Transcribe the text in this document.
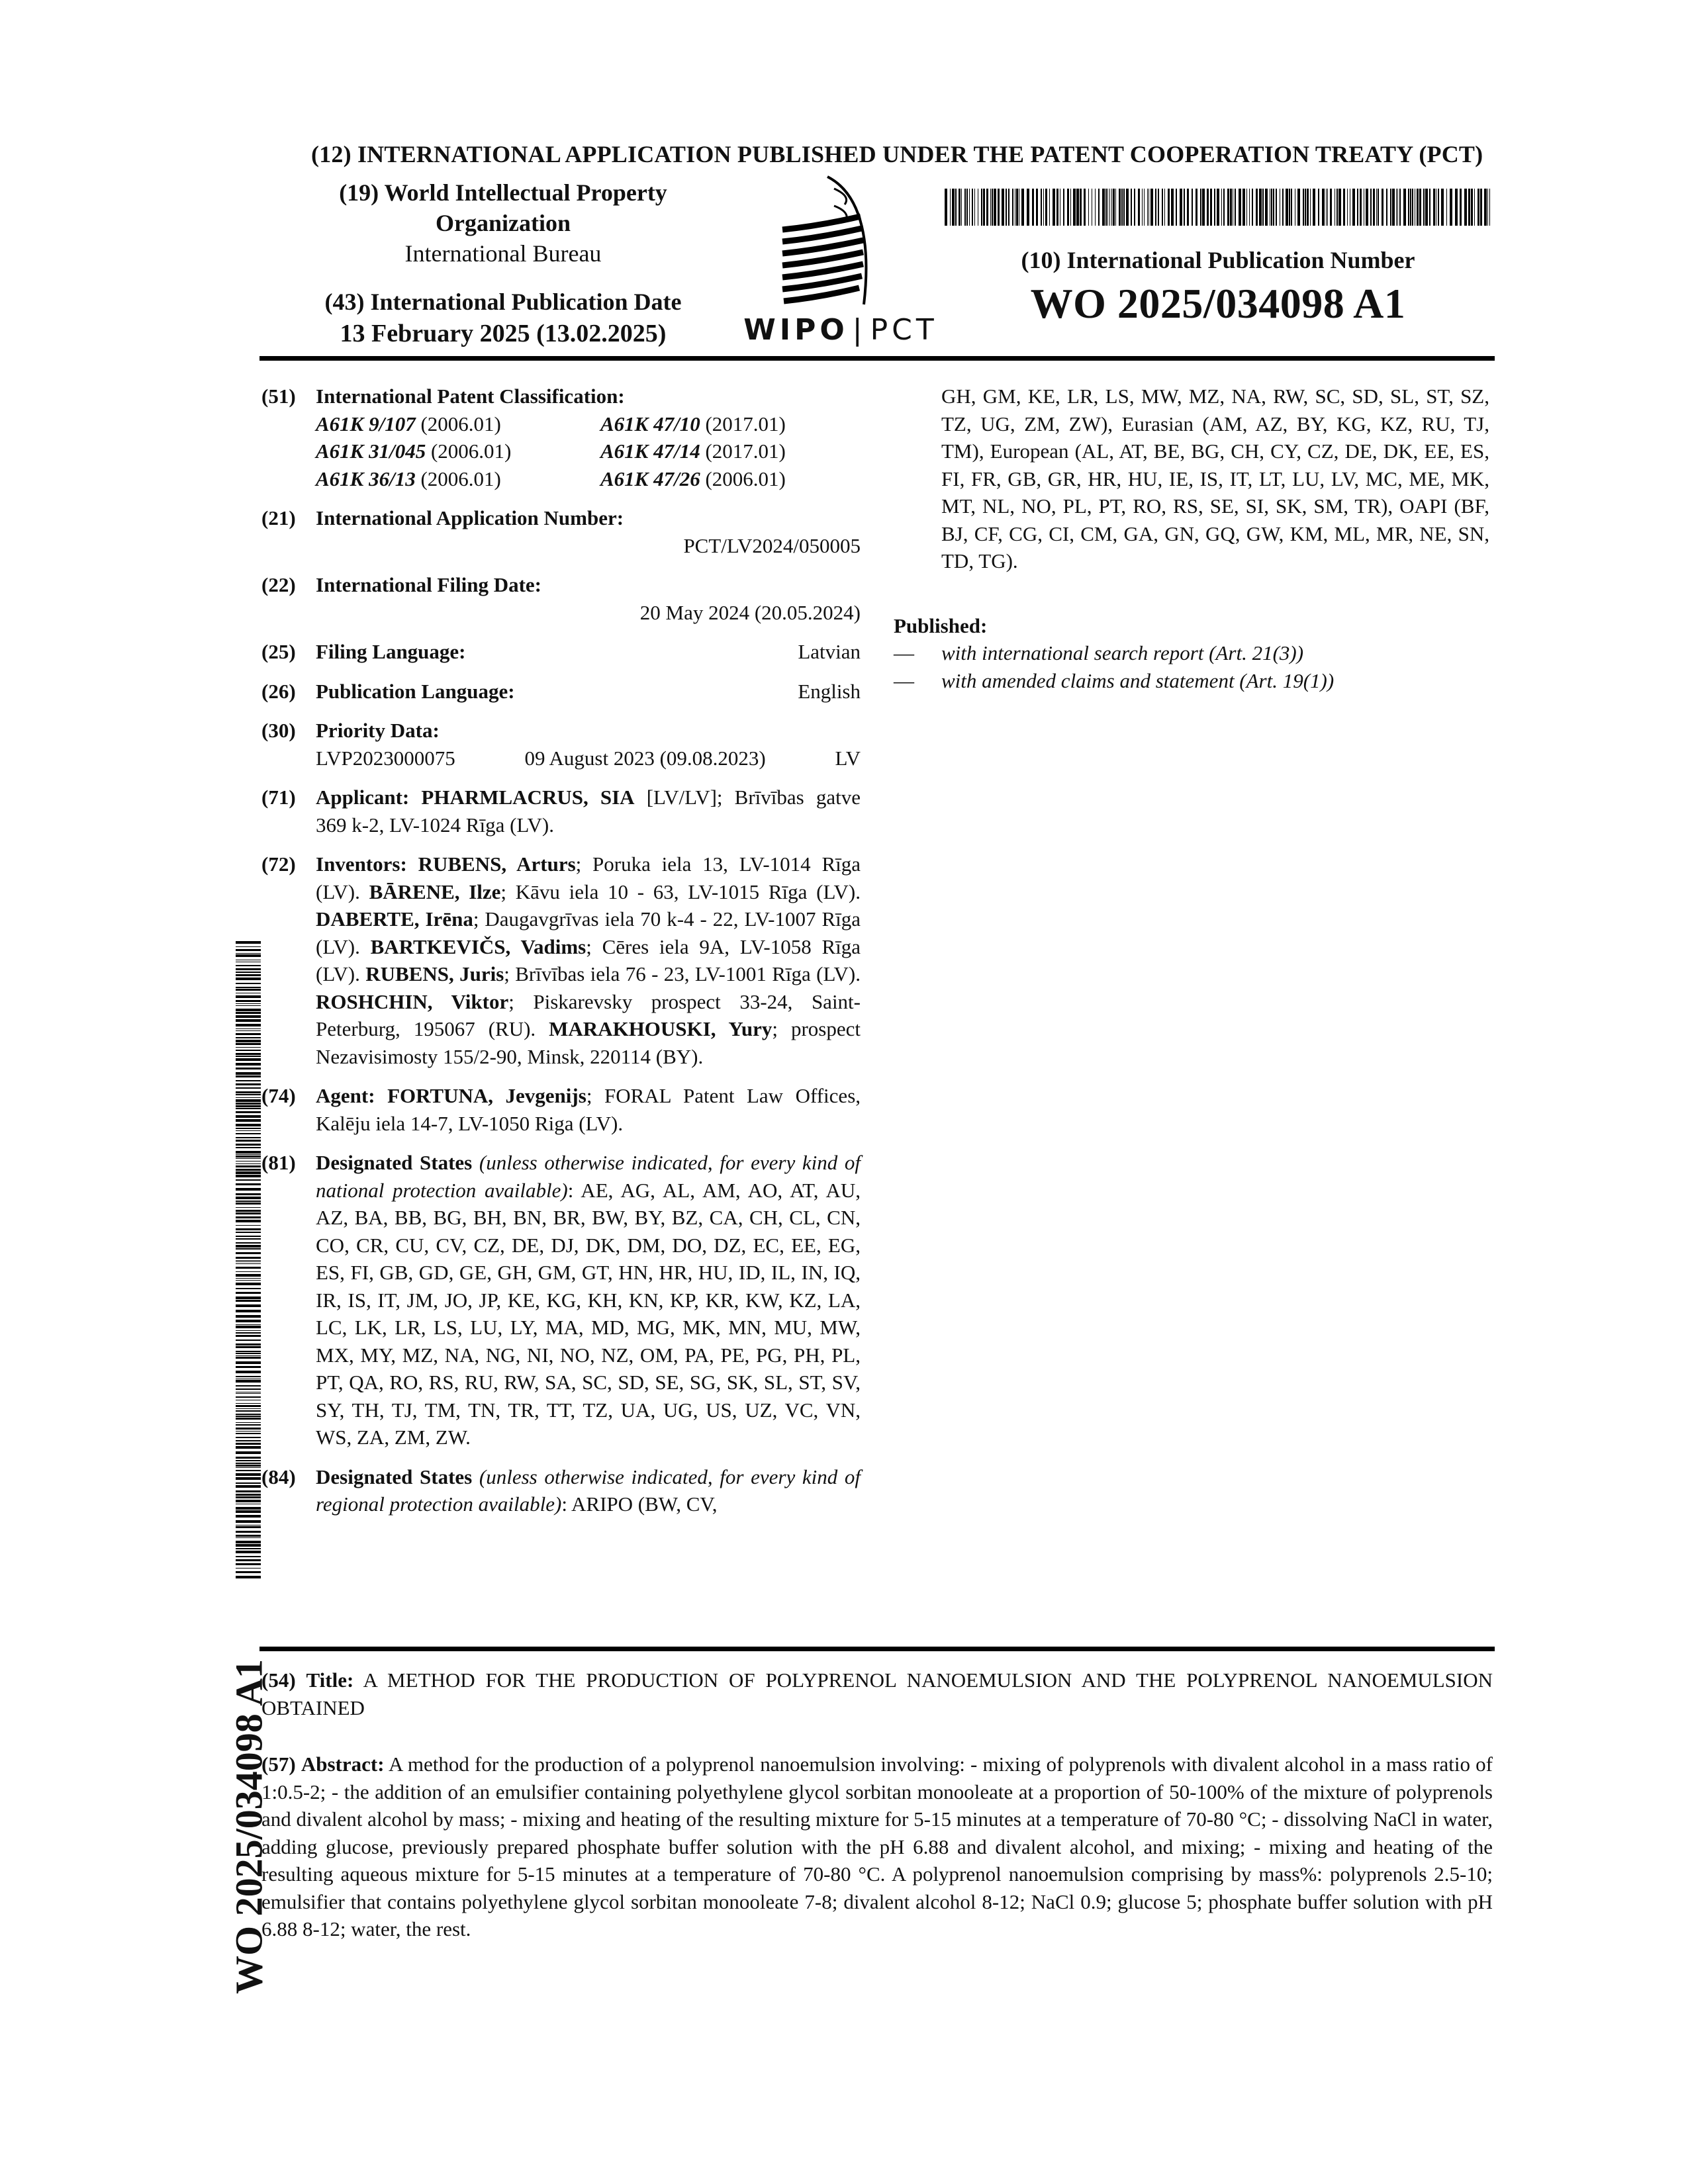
(12) INTERNATIONAL APPLICATION PUBLISHED UNDER THE PATENT COOPERATION TREATY (PCT)
(19) World Intellectual Property
Organization
International Bureau
(43) International Publication Date
13 February 2025 (13.02.2025)	WIPO | PCT
(10) International Publication Number
WO 2025/034098 A1
(51) International Patent Classification:
A61K 9/107 (2006.01)	A61K 47/10 (2017.01)
A61K 31/045 (2006.01)	A61K 47/14 (2017.01)
A61K 36/13 (2006.01)	A61K 47/26 (2006.01)
(21) International Application Number:
PCT/LV2024/050005
(22) International Filing Date:
20 May 2024 (20.05.2024)
(25) Filing Language:	Latvian
(26) Publication Language:	English
(30) Priority Data:
LVP2023000075	09 August 2023 (09.08.2023)	LV
(71) Applicant: PHARMLACRUS, SIA [LV/LV]; Brīvības gatve 369 k-2, LV-1024 Rīga (LV).
(72) Inventors: RUBENS, Arturs; Poruka iela 13, LV-1014 Rīga (LV). BĀRENE, Ilze; Kāvu iela 10 - 63, LV-1015 Rīga (LV). DABERTE, Irēna; Daugavgrīvas iela 70 k-4 - 22, LV-1007 Rīga (LV). BARTKEVIČS, Vadims; Cēres iela 9A, LV-1058 Rīga (LV). RUBENS, Juris; Brīvības iela 76 - 23, LV-1001 Rīga (LV). ROSHCHIN, Viktor; Piskarevsky prospect 33-24, Saint-Peterburg, 195067 (RU). MARAKHOUSKI, Yury; prospect Nezavisimosty 155/2-90, Minsk, 220114 (BY).
(74) Agent: FORTUNA, Jevgenijs; FORAL Patent Law Offices, Kalēju iela 14-7, LV-1050 Riga (LV).
(81) Designated States (unless otherwise indicated, for every kind of national protection available): AE, AG, AL, AM, AO, AT, AU, AZ, BA, BB, BG, BH, BN, BR, BW, BY, BZ, CA, CH, CL, CN, CO, CR, CU, CV, CZ, DE, DJ, DK, DM, DO, DZ, EC, EE, EG, ES, FI, GB, GD, GE, GH, GM, GT, HN, HR, HU, ID, IL, IN, IQ, IR, IS, IT, JM, JO, JP, KE, KG, KH, KN, KP, KR, KW, KZ, LA, LC, LK, LR, LS, LU, LY, MA, MD, MG, MK, MN, MU, MW, MX, MY, MZ, NA, NG, NI, NO, NZ, OM, PA, PE, PG, PH, PL, PT, QA, RO, RS, RU, RW, SA, SC, SD, SE, SG, SK, SL, ST, SV, SY, TH, TJ, TM, TN, TR, TT, TZ, UA, UG, US, UZ, VC, VN, WS, ZA, ZM, ZW.
(84) Designated States (unless otherwise indicated, for every kind of regional protection available): ARIPO (BW, CV,
GH, GM, KE, LR, LS, MW, MZ, NA, RW, SC, SD, SL, ST, SZ, TZ, UG, ZM, ZW), Eurasian (AM, AZ, BY, KG, KZ, RU, TJ, TM), European (AL, AT, BE, BG, CH, CY, CZ, DE, DK, EE, ES, FI, FR, GB, GR, HR, HU, IE, IS, IT, LT, LU, LV, MC, ME, MK, MT, NL, NO, PL, PT, RO, RS, SE, SI, SK, SM, TR), OAPI (BF, BJ, CF, CG, CI, CM, GA, GN, GQ, GW, KM, ML, MR, NE, SN, TD, TG).
Published:
— with international search report (Art. 21(3))
— with amended claims and statement (Art. 19(1))
WO 2025/034098 A1
(54) Title: A METHOD FOR THE PRODUCTION OF POLYPRENOL NANOEMULSION AND THE POLYPRENOL NANOEMULSION OBTAINED
(57) Abstract: A method for the production of a polyprenol nanoemulsion involving: - mixing of polyprenols with divalent alcohol in a mass ratio of 1:0.5-2; - the addition of an emulsifier containing polyethylene glycol sorbitan monooleate at a proportion of 50-100% of the mixture of polyprenols and divalent alcohol by mass; - mixing and heating of the resulting mixture for 5-15 minutes at a temperature of 70-80 °C; - dissolving NaCl in water, adding glucose, previously prepared phosphate buffer solution with the pH 6.88 and divalent alcohol, and mixing; - mixing and heating of the resulting aqueous mixture for 5-15 minutes at a temperature of 70-80 °C. A polyprenol nanoemulsion comprising by mass%: polyprenols 2.5-10; emulsifier that contains polyethylene glycol sorbitan monooleate 7-8; divalent alcohol 8-12; NaCl 0.9; glucose 5; phosphate buffer solution with pH 6.88 8-12; water, the rest.
